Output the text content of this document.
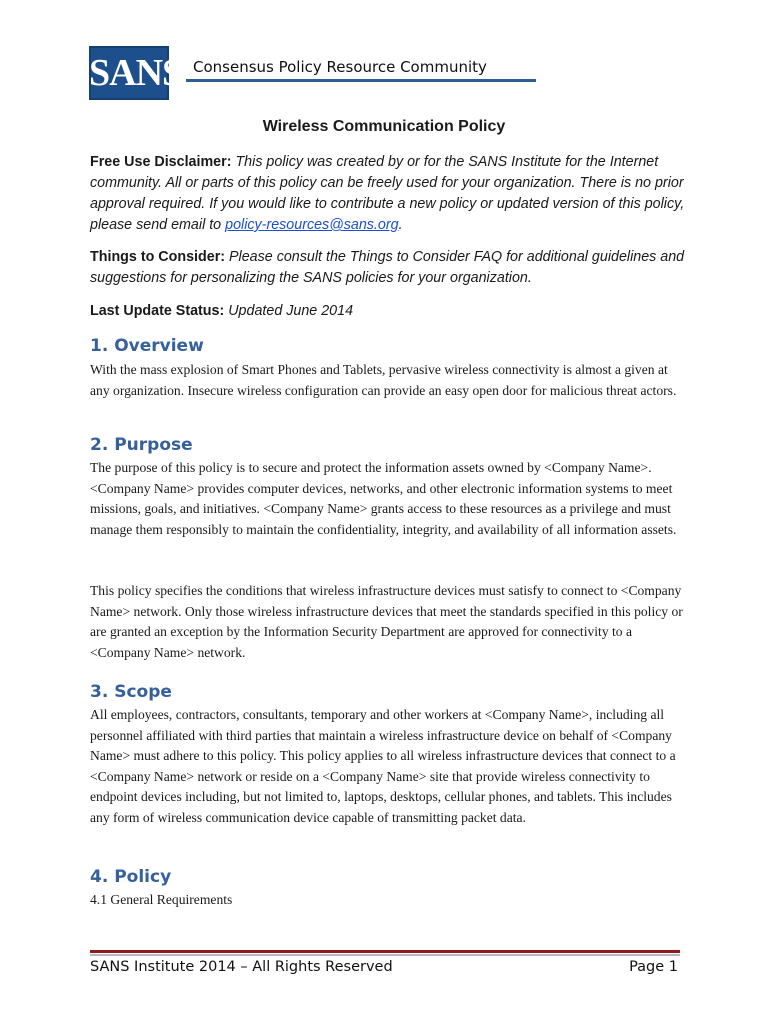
SANS Consensus Policy Resource Community
Wireless Communication Policy
Free Use Disclaimer: This policy was created by or for the SANS Institute for the Internet community. All or parts of this policy can be freely used for your organization. There is no prior approval required. If you would like to contribute a new policy or updated version of this policy, please send email to policy-resources@sans.org.
Things to Consider: Please consult the Things to Consider FAQ for additional guidelines and suggestions for personalizing the SANS policies for your organization.
Last Update Status: Updated June 2014
1. Overview

With the mass explosion of Smart Phones and Tablets, pervasive wireless connectivity is almost a given at any organization. Insecure wireless configuration can provide an easy open door for malicious threat actors.

2. Purpose

The purpose of this policy is to secure and protect the information assets owned by <Company Name>. <Company Name> provides computer devices, networks, and other electronic information systems to meet missions, goals, and initiatives. <Company Name> grants access to these resources as a privilege and must manage them responsibly to maintain the confidentiality, integrity, and availability of all information assets.

This policy specifies the conditions that wireless infrastructure devices must satisfy to connect to <Company Name> network. Only those wireless infrastructure devices that meet the standards specified in this policy or are granted an exception by the Information Security Department are approved for connectivity to a <Company Name> network.

3. Scope

All employees, contractors, consultants, temporary and other workers at <Company Name>, including all personnel affiliated with third parties that maintain a wireless infrastructure device on behalf of <Company Name> must adhere to this policy. This policy applies to all wireless infrastructure devices that connect to a <Company Name> network or reside on a <Company Name> site that provide wireless connectivity to endpoint devices including, but not limited to, laptops, desktops, cellular phones, and tablets. This includes any form of wireless communication device capable of transmitting packet data.

4. Policy

4.1 General Requirements

SANS Institute 2014 – All Rights Reserved	Page 1
